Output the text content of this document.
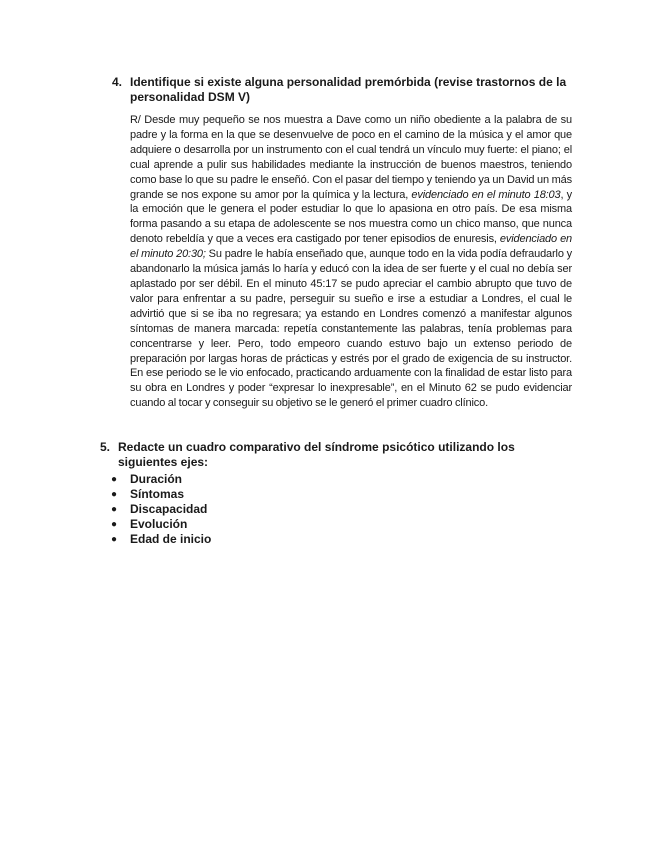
4. Identifique si existe alguna personalidad premórbida (revise trastornos de la personalidad DSM V)

R/ Desde muy pequeño se nos muestra a Dave como un niño obediente a la palabra de su padre y la forma en la que se desenvuelve de poco en el camino de la música y el amor que adquiere o desarrolla por un instrumento con el cual tendrá un vínculo muy fuerte: el piano; el cual aprende a pulir sus habilidades mediante la instrucción de buenos maestros, teniendo como base lo que su padre le enseñó. Con el pasar del tiempo y teniendo ya un David un más grande se nos expone su amor por la química y la lectura, evidenciado en el minuto 18:03, y la emoción que le genera el poder estudiar lo que lo apasiona en otro país. De esa misma forma pasando a su etapa de adolescente se nos muestra como un chico manso, que nunca denoto rebeldía y que a veces era castigado por tener episodios de enuresis, evidenciado en el minuto 20:30; Su padre le había enseñado que, aunque todo en la vida podía defraudarlo y abandonarlo la música jamás lo haría y educó con la idea de ser fuerte y el cual no debía ser aplastado por ser débil. En el minuto 45:17 se pudo apreciar el cambio abrupto que tuvo de valor para enfrentar a su padre, perseguir su sueño e irse a estudiar a Londres, el cual le advirtió que si se iba no regresara; ya estando en Londres comenzó a manifestar algunos síntomas de manera marcada: repetía constantemente las palabras, tenía problemas para concentrarse y leer. Pero, todo empeoro cuando estuvo bajo un extenso periodo de preparación por largas horas de prácticas y estrés por el grado de exigencia de su instructor. En ese periodo se le vio enfocado, practicando arduamente con la finalidad de estar listo para su obra en Londres y poder “expresar lo inexpresable”, en el Minuto 62 se pudo evidenciar cuando al tocar y conseguir su objetivo se le generó el primer cuadro clínico.

5. Redacte un cuadro comparativo del síndrome psicótico utilizando los siguientes ejes:
●	Duración
●	Síntomas
●	Discapacidad
●	Evolución
●	Edad de inicio
